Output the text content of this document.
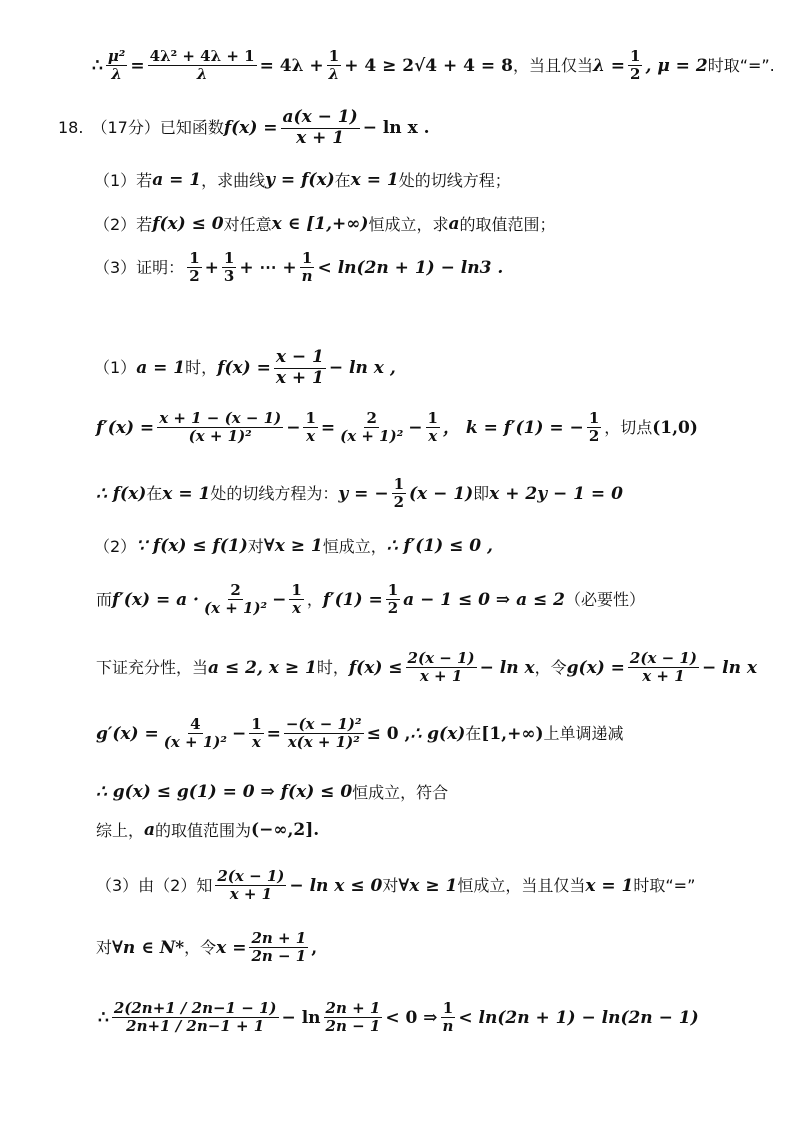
∴ $\frac{\text{μ²}}{\lambda} = \frac{\text{4λ² + 4λ + 1}}{\lambda} = 4\lambda + \frac{1}{\lambda} + 4 \ge 2√4 + 4 = 8$ ，当且仅当 $\lambda = \frac{1}{2}$ , μ = 2 时取“=”.
18. （17分）已知函数 $f(x) = \frac{a(x - 1)}{x + 1} - \ln x$ .
（1）若 a = 1 ，求曲线 y = f(x) 在 x = 1 处的切线方程；
（2）若 f(x) ≤ 0 对任意 x ∈ [1,+∞) 恒成立，求 a 的取值范围；
（3）证明： $\frac{1}{2} + \frac{1}{3}$ + ⋯ + $\frac{1}{n} < \ln(2n + 1) - \ln 3$ .
（1） a = 1 时， $f(x) = \frac{x - 1}{x + 1} - \ln x$ ,
$f'(x) = \frac{x + 1 - (x - 1)}{\text{(x + 1)²}} - \frac{1}{x} = \frac{2}{\text{(x + 1)²}} - \frac{1}{x}$ ， k = f′(1) = − $\frac{1}{2}$ ，切点 (1,0)
∴ f(x) 在 x = 1 处的切线方程为： y = − $\frac{1}{2} (x - 1)$ 即 x + 2y − 1 = 0
（2） ∵ f(x) ≤ f(1) 对 ∀x ≥ 1 恒成立， ∴ f′(1) ≤ 0 ,
而 $f'(x) = a \cdot \frac{2}{\text{(x + 1)²}} - \frac{1}{x}$ ， $f'(1) = \frac{1}{2}$ a − 1 ≤ 0 ⇒ a ≤ 2 （必要性）
下证充分性，当 a ≤ 2, x ≥ 1 时， $f(x) \le \frac{2(x - 1)}{x + 1} - \ln x$ ，令 $g(x) = \frac{2(x - 1)}{x + 1} - \ln x$
$g'(x) = \frac{4}{\text{(x + 1)²}} - \frac{1}{x} = \frac{\text{−(x − 1)²}}{\text{x(x + 1)²}} \le 0$ , ∴ g(x) 在 [1,+∞) 上单调递减
∴ g(x) ≤ g(1) = 0 ⇒ f(x) ≤ 0 恒成立，符合
综上， a 的取值范围为 (−∞,2].
（3）由（2）知 $\frac{2(x - 1)}{x + 1} - \ln x \le 0$ 对 ∀x ≥ 1 恒成立，当且仅当 x = 1 时取“=”
对 ∀n ∈ N* ，令 $x = \frac{2n + 1}{2n - 1}$ ,
∴ $\frac{2(2n+1 / 2n-1 - 1)}{2n+1 / 2n-1 + 1} - \ln \frac{2n + 1}{2n - 1} < 0$ ⇒ $\frac{1}{n} < \ln(2n + 1) - \ln(2n - 1)$
